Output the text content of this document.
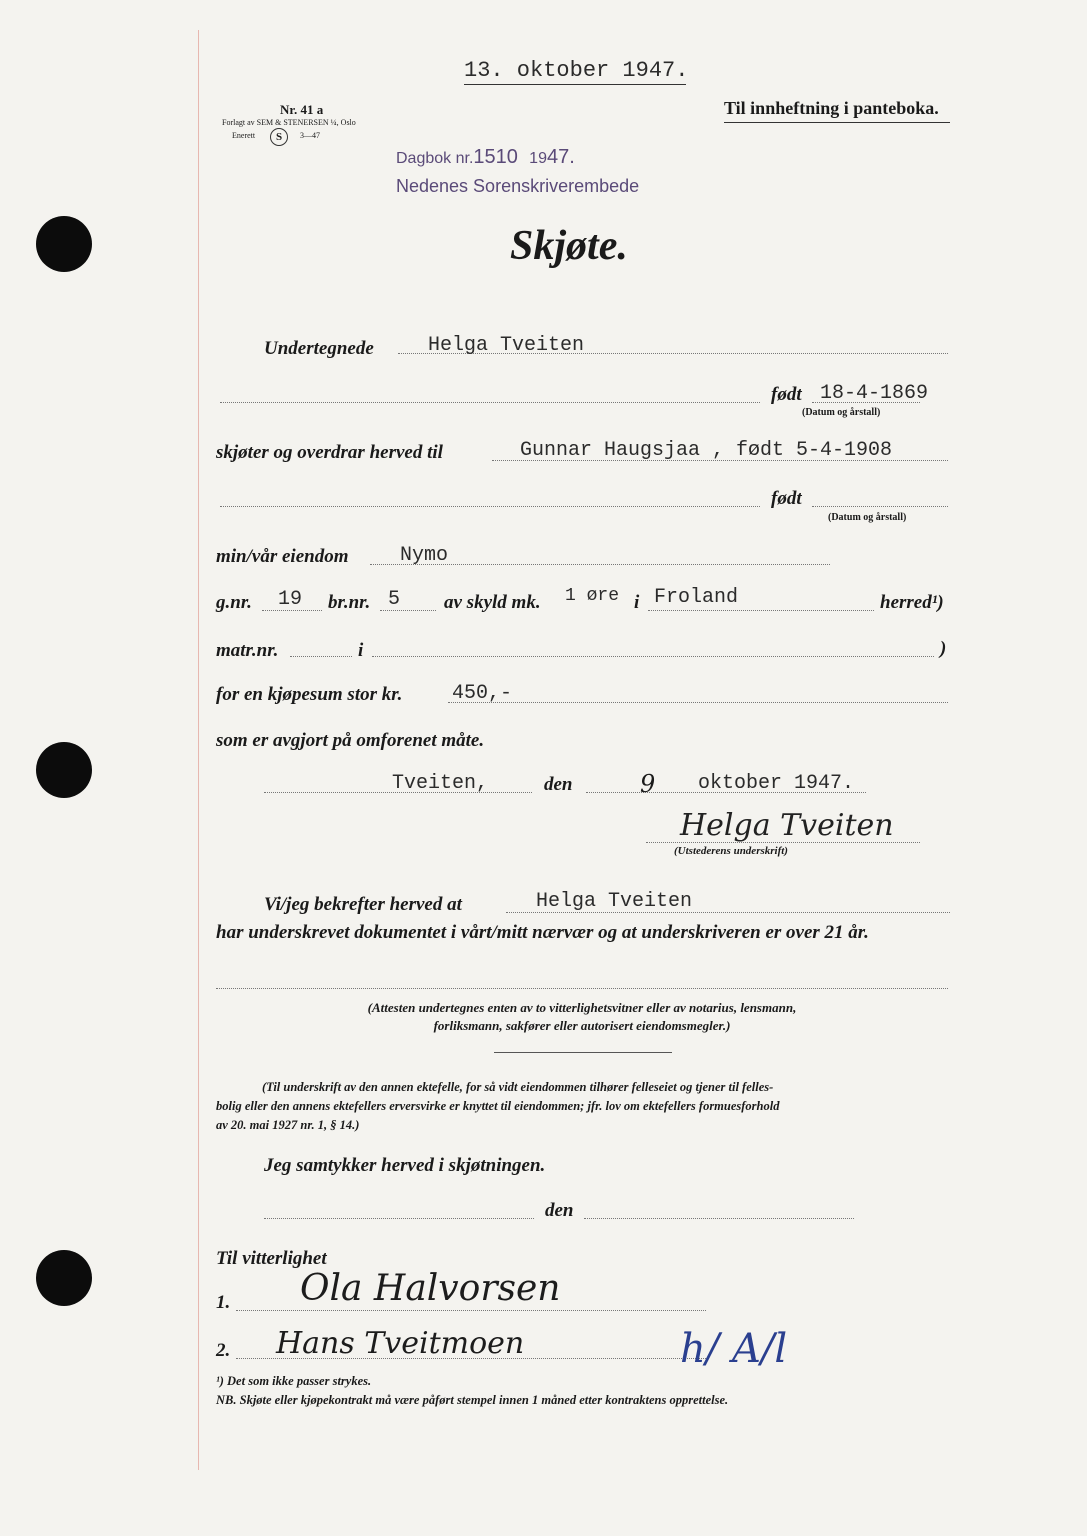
13. oktober 1947.
Til innheftning i panteboka.
Nr. 41 a
Forlagt av SEM & STENERSEN ¼, Oslo
Enerett	S	3—47
Dagbok nr.1510 1947.
Nedenes Sorenskriverembede
Skjøte.
Undertegnede	Helga Tveiten
født 18-4-1869
(Datum og årstall)
skjøter og overdrar herved til	Gunnar Haugsjaa , født 5-4-1908
født
(Datum og årstall)
min/vår eiendom	Nymo
g.nr. 19 br.nr. 5 av skyld mk. 1 øre i Froland	herred¹)
matr.nr.	i	)
for en kjøpesum stor kr. 450,-
som er avgjort på omforenet måte.
Tveiten,	den	9 oktober 1947.
Helga Tveiten
(Utstederens underskrift)
Vi/jeg bekrefter herved at	Helga Tveiten
har underskrevet dokumentet i vårt/mitt nærvær og at underskriveren er over 21 år.
(Attesten undertegnes enten av to vitterlighetsvitner eller av notarius, lensmann,
forliksmann, sakfører eller autorisert eiendomsmegler.)
(Til underskrift av den annen ektefelle, for så vidt eiendommen tilhører felleseiet og tjener til felles-
bolig eller den annens ektefellers erversvirke er knyttet til eiendommen; jfr. lov om ektefellers formuesforhold
av 20. mai 1927 nr. 1, § 14.)
Jeg samtykker herved i skjøtningen.
den
Til vitterlighet
1. Ola Halvorsen
2. Hans Tveitmoen	h/ A/l
¹) Det som ikke passer strykes.
NB. Skjøte eller kjøpekontrakt må være påført stempel innen 1 måned etter kontraktens opprettelse.
